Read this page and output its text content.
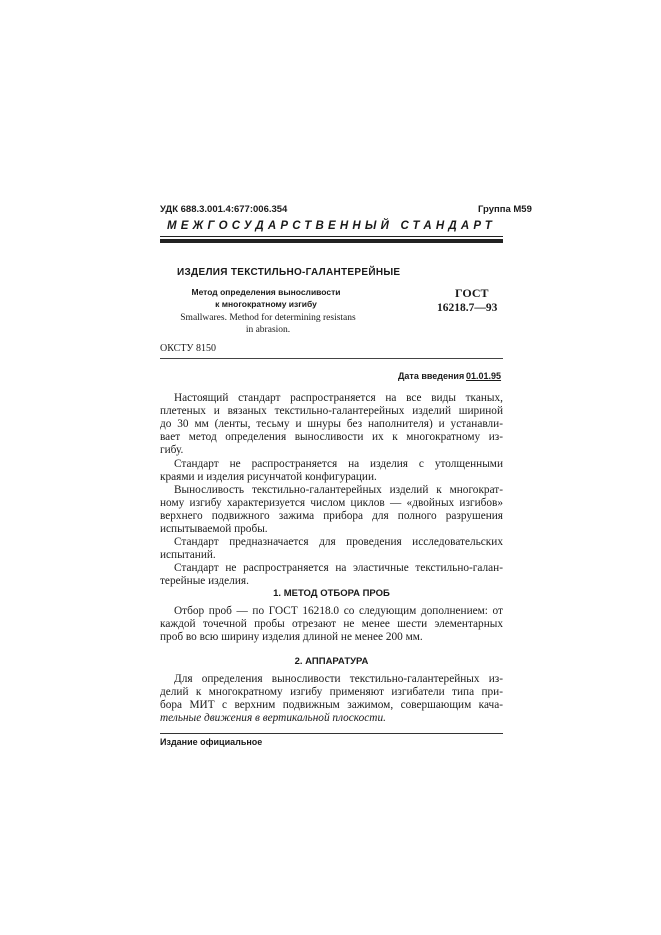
УДК 688.3.001.4:677:006.354	Группа М59
МЕЖГОСУДАРСТВЕННЫЙ СТАНДАРТ
ИЗДЕЛИЯ ТЕКСТИЛЬНО-ГАЛАНТЕРЕЙНЫЕ
Метод определения выносливости
к многократному изгибу
Smallwares. Method for determining resistans
in abrasion.
ГОСТ
16218.7—93
ОКСТУ 8150
Дата введения 01.01.95
Настоящий стандарт распространяется на все виды тканых,
плетеных и вязаных текстильно-галантерейных изделий шириной
до 30 мм (ленты, тесьму и шнуры без наполнителя) и устанавли-
вает метод определения выносливости их к многократному из-
гибу.
Стандарт не распространяется на изделия с утолщенными
краями и изделия рисунчатой конфигурации.
Выносливость текстильно-галантерейных изделий к многократ-
ному изгибу характеризуется числом циклов — «двойных изгибов»
верхнего подвижного зажима прибора для полного разрушения
испытываемой пробы.
Стандарт предназначается для проведения исследовательских
испытаний.
Стандарт не распространяется на эластичные текстильно-галан-
терейные изделия.
1. МЕТОД ОТБОРА ПРОБ
Отбор проб — по ГОСТ 16218.0 со следующим дополнением: от
каждой точечной пробы отрезают не менее шести элементарных
проб во всю ширину изделия длиной не менее 200 мм.
2. АППАРАТУРА
Для определения выносливости текстильно-галантерейных из-
делий к многократному изгибу применяют изгибатели типа при-
бора МИТ с верхним подвижным зажимом, совершающим кача-
тельные движения в вертикальной плоскости.
Издание официальное
